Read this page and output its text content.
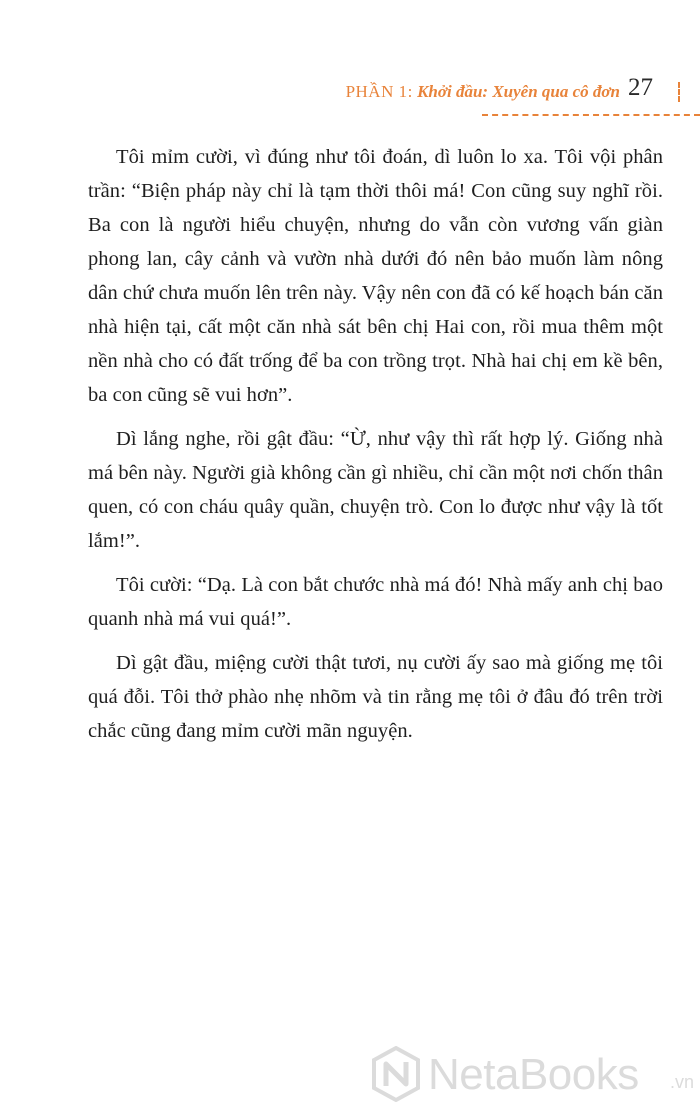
PHẦN 1: Khởi đầu: Xuyên qua cô đơn 27

Tôi mỉm cười, vì đúng như tôi đoán, dì luôn lo xa. Tôi vội phân trần: “Biện pháp này chỉ là tạm thời thôi má! Con cũng suy nghĩ rồi. Ba con là người hiểu chuyện, nhưng do vẫn còn vương vấn giàn phong lan, cây cảnh và vườn nhà dưới đó nên bảo muốn làm nông dân chứ chưa muốn lên trên này. Vậy nên con đã có kế hoạch bán căn nhà hiện tại, cất một căn nhà sát bên chị Hai con, rồi mua thêm một nền nhà cho có đất trống để ba con trồng trọt. Nhà hai chị em kề bên, ba con cũng sẽ vui hơn”.

Dì lắng nghe, rồi gật đầu: “Ừ, như vậy thì rất hợp lý. Giống nhà má bên này. Người già không cần gì nhiều, chỉ cần một nơi chốn thân quen, có con cháu quây quần, chuyện trò. Con lo được như vậy là tốt lắm!”.

Tôi cười: “Dạ. Là con bắt chước nhà má đó! Nhà mấy anh chị bao quanh nhà má vui quá!”.

Dì gật đầu, miệng cười thật tươi, nụ cười ấy sao mà giống mẹ tôi quá đỗi. Tôi thở phào nhẹ nhõm và tin rằng mẹ tôi ở đâu đó trên trời chắc cũng đang mỉm cười mãn nguyện.

NetaBooks .vn
